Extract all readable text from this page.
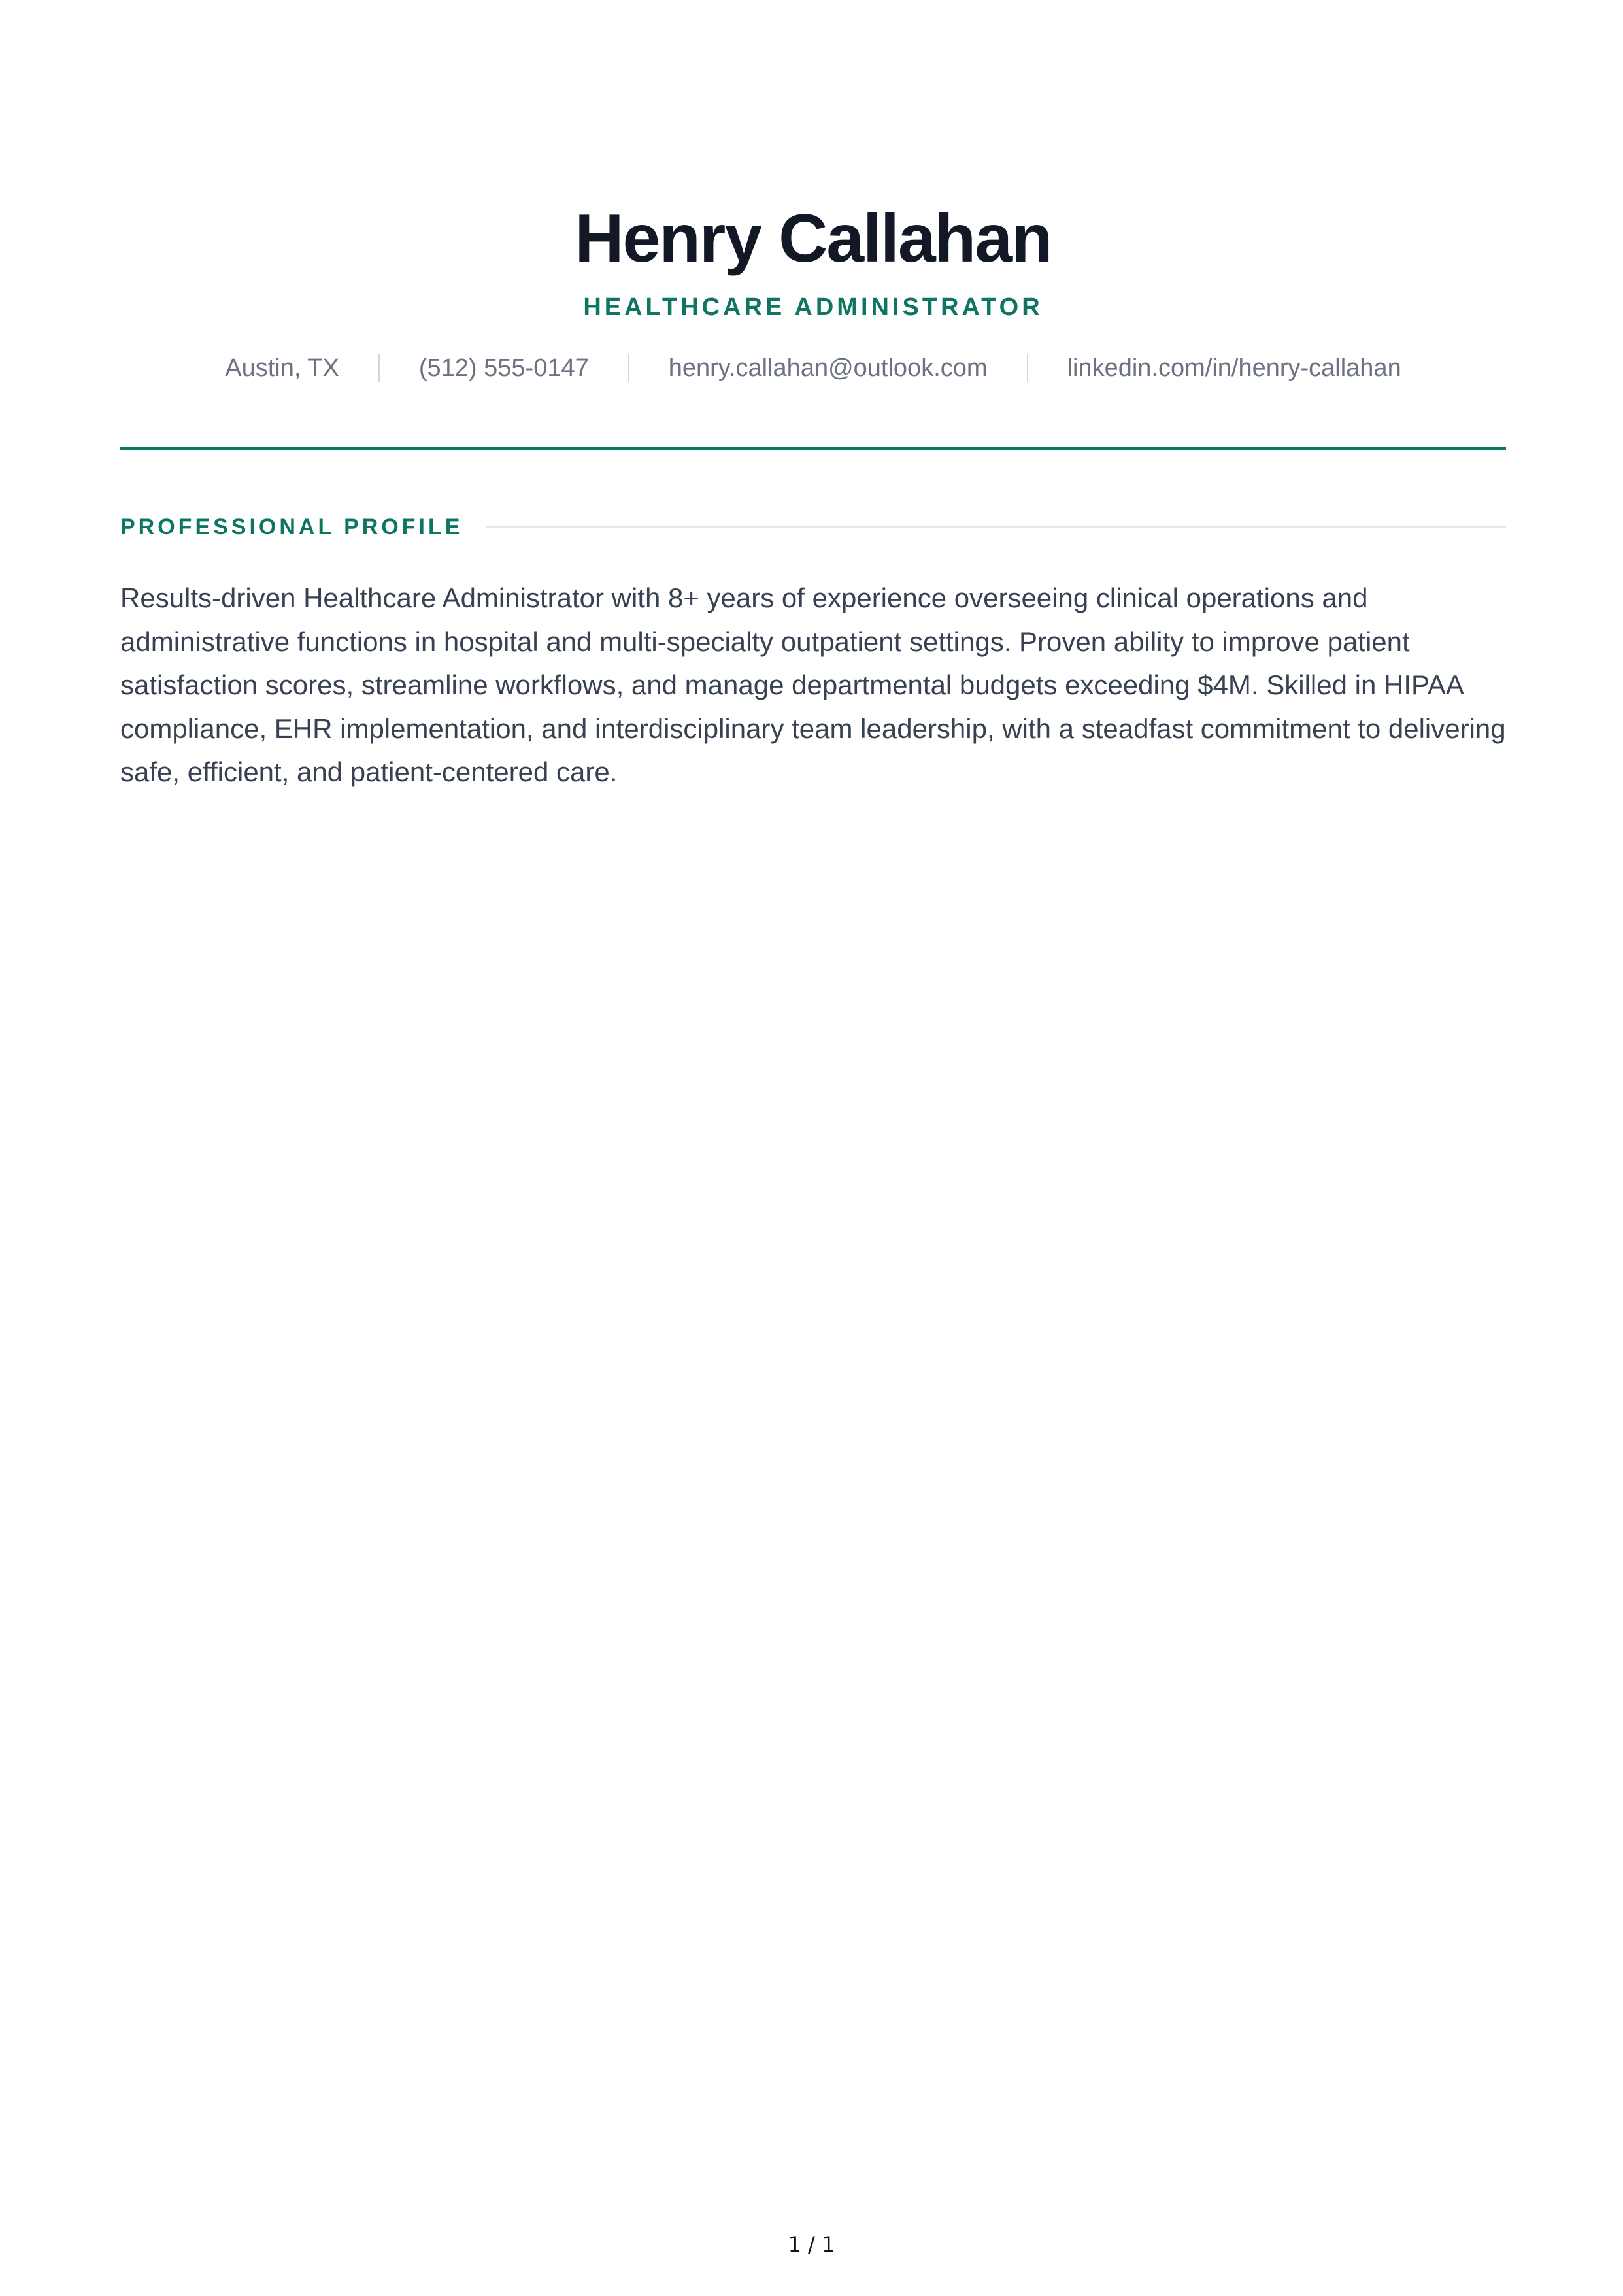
Henry Callahan
HEALTHCARE ADMINISTRATOR
Austin, TX	(512) 555-0147	henry.callahan@outlook.com	linkedin.com/in/henry-callahan
PROFESSIONAL PROFILE

Results-driven Healthcare Administrator with 8+ years of experience overseeing clinical operations and administrative functions in hospital and multi-specialty outpatient settings. Proven ability to improve patient satisfaction scores, streamline workflows, and manage departmental budgets exceeding $4M. Skilled in HIPAA compliance, EHR implementation, and interdisciplinary team leadership, with a steadfast commitment to delivering safe, efficient, and patient-centered care.

1 / 1
